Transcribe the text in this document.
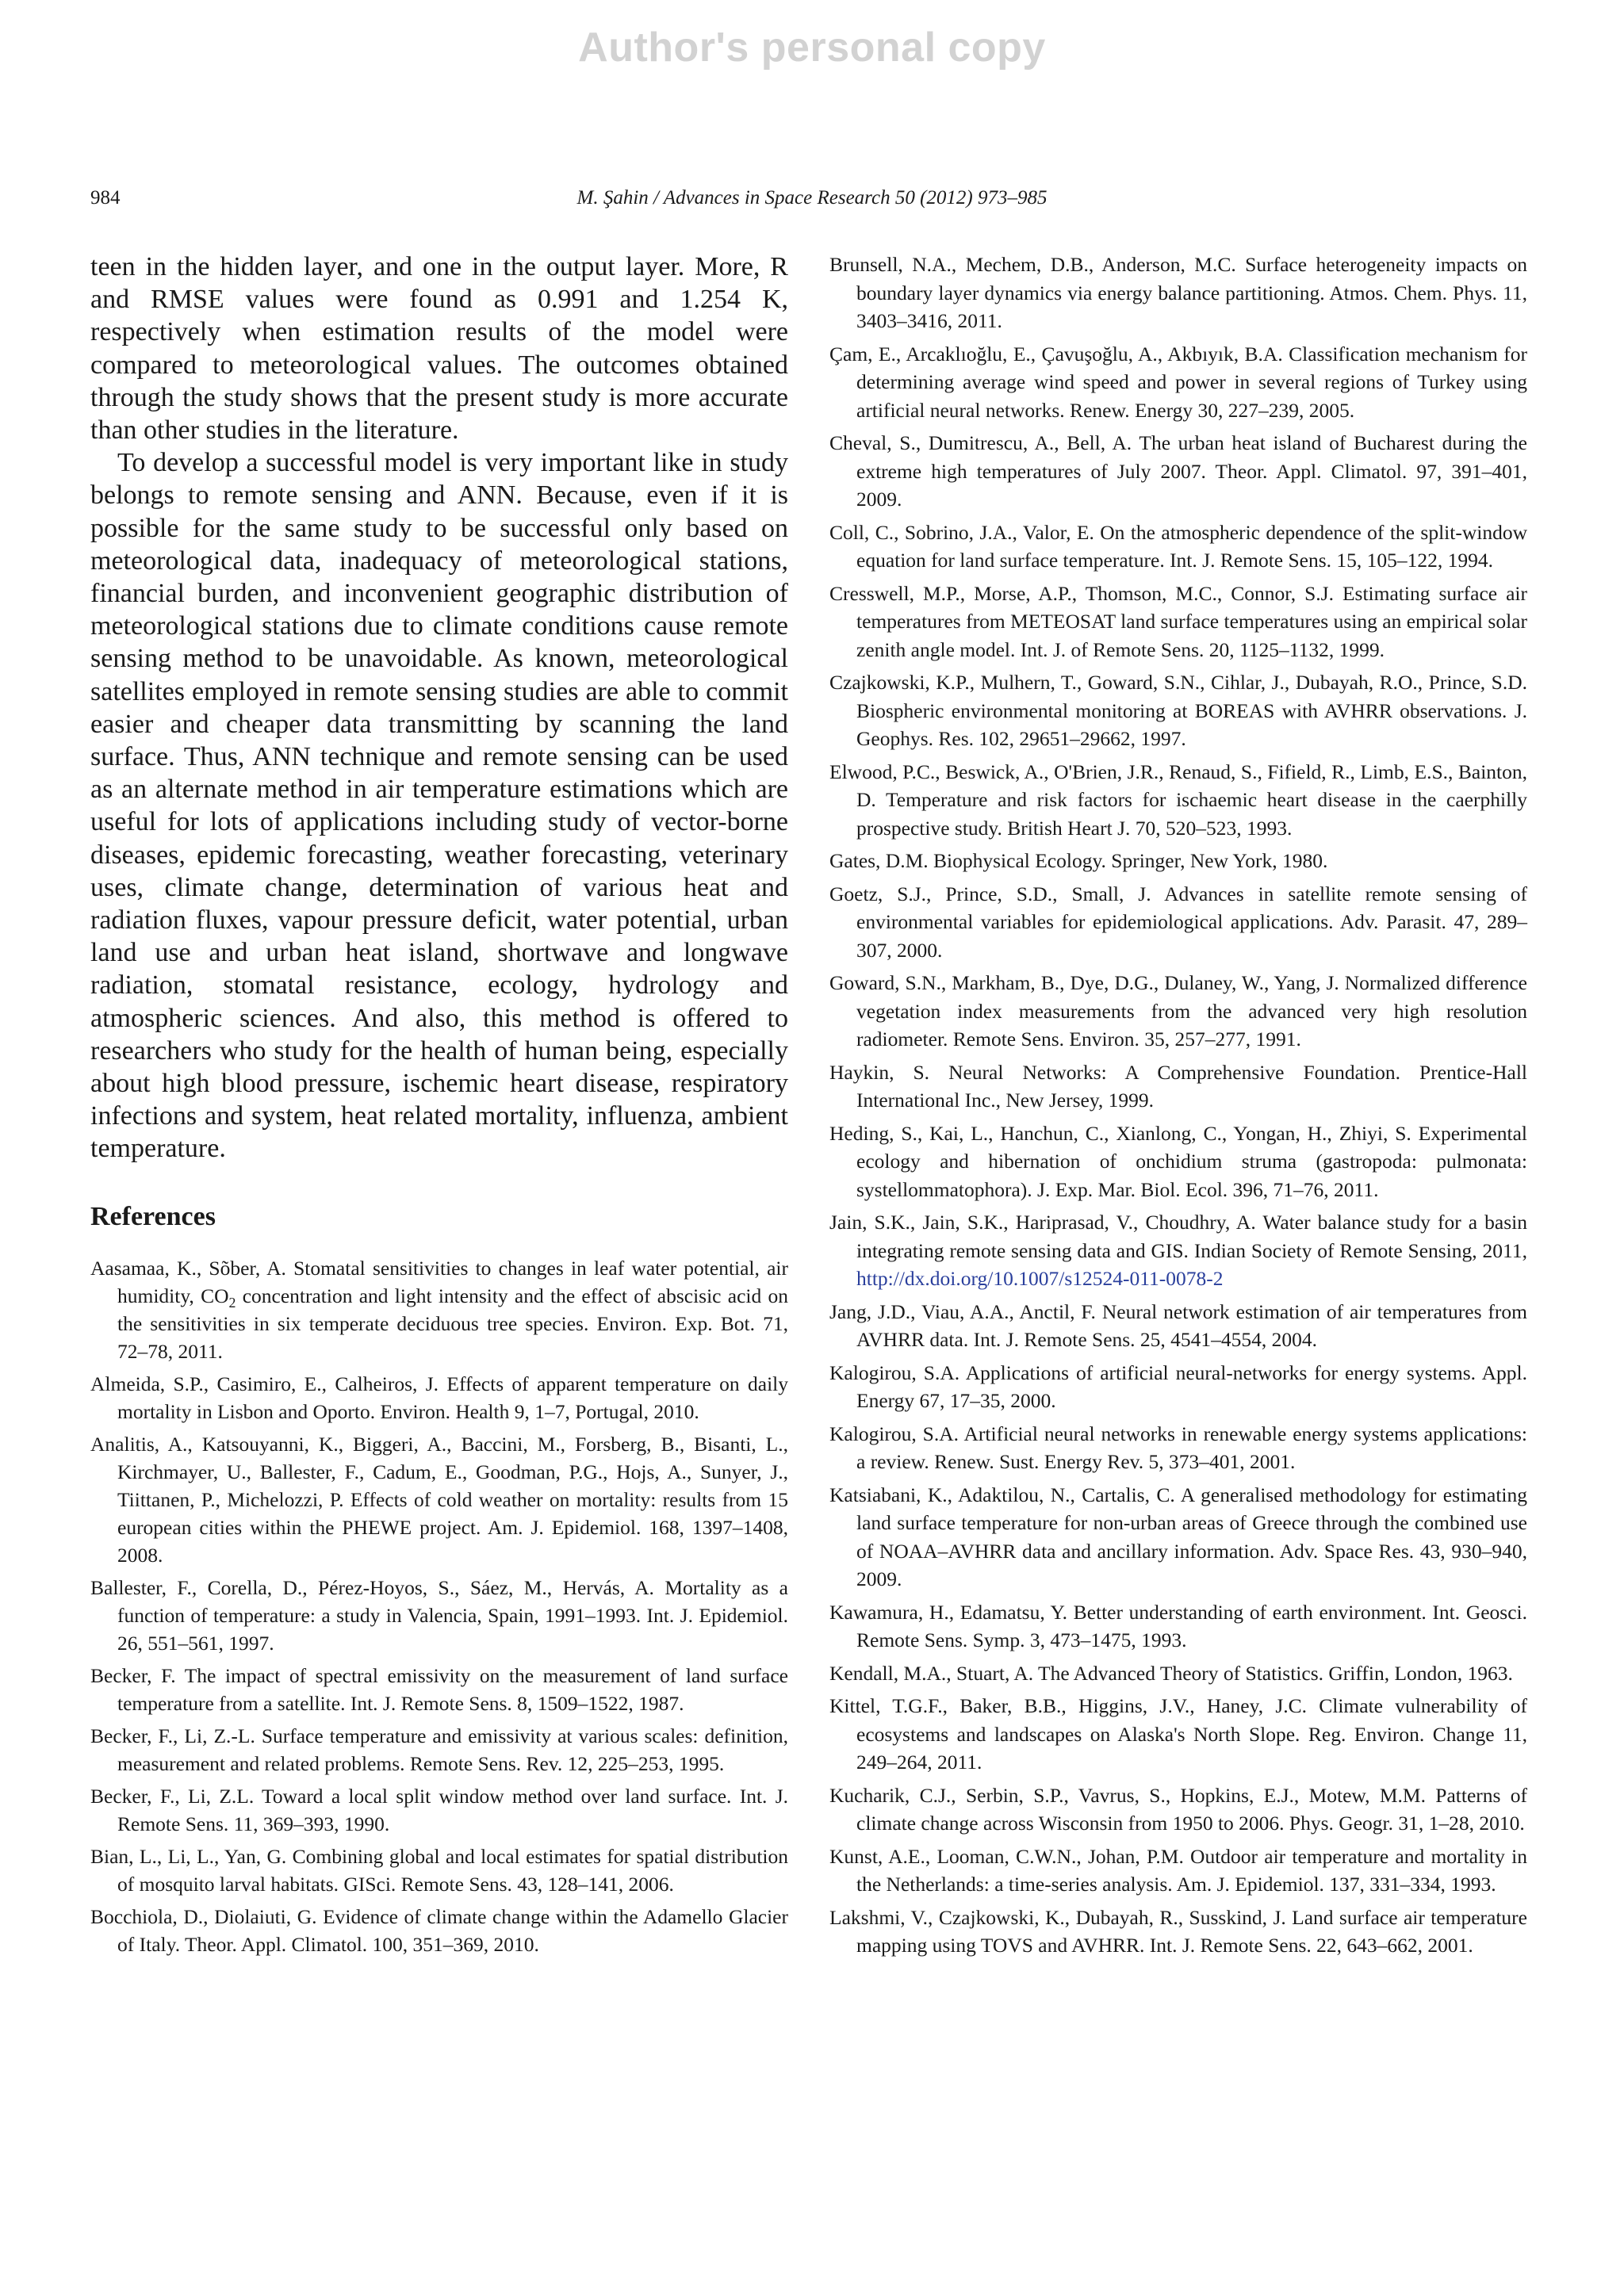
Author's personal copy
984	M. Şahin / Advances in Space Research 50 (2012) 973–985

teen in the hidden layer, and one in the output layer. More, R and RMSE values were found as 0.991 and 1.254 K, respectively when estimation results of the model were compared to meteorological values. The outcomes obtained through the study shows that the present study is more accurate than other studies in the literature.

To develop a successful model is very important like in study belongs to remote sensing and ANN. Because, even if it is possible for the same study to be successful only based on meteorological data, inadequacy of meteorological stations, financial burden, and inconvenient geographic distribution of meteorological stations due to climate conditions cause remote sensing method to be unavoidable. As known, meteorological satellites employed in remote sensing studies are able to commit easier and cheaper data transmitting by scanning the land surface. Thus, ANN technique and remote sensing can be used as an alternate method in air temperature estimations which are useful for lots of applications including study of vector-borne diseases, epidemic forecasting, weather forecasting, veterinary uses, climate change, determination of various heat and radiation fluxes, vapour pressure deficit, water potential, urban land use and urban heat island, shortwave and longwave radiation, stomatal resistance, ecology, hydrology and atmospheric sciences. And also, this method is offered to researchers who study for the health of human being, especially about high blood pressure, ischemic heart disease, respiratory infections and system, heat related mortality, influenza, ambient temperature.

References
Aasamaa, K., Sõber, A. Stomatal sensitivities to changes in leaf water potential, air humidity, $CO_2$ concentration and light intensity and the effect of abscisic acid on the sensitivities in six temperate deciduous tree species. Environ. Exp. Bot. 71, 72–78, 2011.
Almeida, S.P., Casimiro, E., Calheiros, J. Effects of apparent temperature on daily mortality in Lisbon and Oporto. Environ. Health 9, 1–7, Portugal, 2010.
Analitis, A., Katsouyanni, K., Biggeri, A., Baccini, M., Forsberg, B., Bisanti, L., Kirchmayer, U., Ballester, F., Cadum, E., Goodman, P.G., Hojs, A., Sunyer, J., Tiittanen, P., Michelozzi, P. Effects of cold weather on mortality: results from 15 european cities within the PHEWE project. Am. J. Epidemiol. 168, 1397–1408, 2008.
Ballester, F., Corella, D., Pérez-Hoyos, S., Sáez, M., Hervás, A. Mortality as a function of temperature: a study in Valencia, Spain, 1991–1993. Int. J. Epidemiol. 26, 551–561, 1997.
Becker, F. The impact of spectral emissivity on the measurement of land surface temperature from a satellite. Int. J. Remote Sens. 8, 1509–1522, 1987.
Becker, F., Li, Z.-L. Surface temperature and emissivity at various scales: definition, measurement and related problems. Remote Sens. Rev. 12, 225–253, 1995.
Becker, F., Li, Z.L. Toward a local split window method over land surface. Int. J. Remote Sens. 11, 369–393, 1990.
Bian, L., Li, L., Yan, G. Combining global and local estimates for spatial distribution of mosquito larval habitats. GISci. Remote Sens. 43, 128–141, 2006.
Bocchiola, D., Diolaiuti, G. Evidence of climate change within the Adamello Glacier of Italy. Theor. Appl. Climatol. 100, 351–369, 2010.
Brunsell, N.A., Mechem, D.B., Anderson, M.C. Surface heterogeneity impacts on boundary layer dynamics via energy balance partitioning. Atmos. Chem. Phys. 11, 3403–3416, 2011.
Çam, E., Arcaklıoğlu, E., Çavuşoğlu, A., Akbıyık, B.A. Classification mechanism for determining average wind speed and power in several regions of Turkey using artificial neural networks. Renew. Energy 30, 227–239, 2005.
Cheval, S., Dumitrescu, A., Bell, A. The urban heat island of Bucharest during the extreme high temperatures of July 2007. Theor. Appl. Climatol. 97, 391–401, 2009.
Coll, C., Sobrino, J.A., Valor, E. On the atmospheric dependence of the split-window equation for land surface temperature. Int. J. Remote Sens. 15, 105–122, 1994.
Cresswell, M.P., Morse, A.P., Thomson, M.C., Connor, S.J. Estimating surface air temperatures from METEOSAT land surface temperatures using an empirical solar zenith angle model. Int. J. of Remote Sens. 20, 1125–1132, 1999.
Czajkowski, K.P., Mulhern, T., Goward, S.N., Cihlar, J., Dubayah, R.O., Prince, S.D. Biospheric environmental monitoring at BOREAS with AVHRR observations. J. Geophys. Res. 102, 29651–29662, 1997.
Elwood, P.C., Beswick, A., O'Brien, J.R., Renaud, S., Fifield, R., Limb, E.S., Bainton, D. Temperature and risk factors for ischaemic heart disease in the caerphilly prospective study. British Heart J. 70, 520–523, 1993.
Gates, D.M. Biophysical Ecology. Springer, New York, 1980.
Goetz, S.J., Prince, S.D., Small, J. Advances in satellite remote sensing of environmental variables for epidemiological applications. Adv. Parasit. 47, 289–307, 2000.
Goward, S.N., Markham, B., Dye, D.G., Dulaney, W., Yang, J. Normalized difference vegetation index measurements from the advanced very high resolution radiometer. Remote Sens. Environ. 35, 257–277, 1991.
Haykin, S. Neural Networks: A Comprehensive Foundation. Prentice-Hall International Inc., New Jersey, 1999.
Heding, S., Kai, L., Hanchun, C., Xianlong, C., Yongan, H., Zhiyi, S. Experimental ecology and hibernation of onchidium struma (gastropoda: pulmonata: systellommatophora). J. Exp. Mar. Biol. Ecol. 396, 71–76, 2011.
Jain, S.K., Jain, S.K., Hariprasad, V., Choudhry, A. Water balance study for a basin integrating remote sensing data and GIS. Indian Society of Remote Sensing, 2011, http://dx.doi.org/10.1007/s12524-011-0078-2
Jang, J.D., Viau, A.A., Anctil, F. Neural network estimation of air temperatures from AVHRR data. Int. J. Remote Sens. 25, 4541–4554, 2004.
Kalogirou, S.A. Applications of artificial neural-networks for energy systems. Appl. Energy 67, 17–35, 2000.
Kalogirou, S.A. Artificial neural networks in renewable energy systems applications: a review. Renew. Sust. Energy Rev. 5, 373–401, 2001.
Katsiabani, K., Adaktilou, N., Cartalis, C. A generalised methodology for estimating land surface temperature for non-urban areas of Greece through the combined use of NOAA–AVHRR data and ancillary information. Adv. Space Res. 43, 930–940, 2009.
Kawamura, H., Edamatsu, Y. Better understanding of earth environment. Int. Geosci. Remote Sens. Symp. 3, 473–1475, 1993.
Kendall, M.A., Stuart, A. The Advanced Theory of Statistics. Griffin, London, 1963.
Kittel, T.G.F., Baker, B.B., Higgins, J.V., Haney, J.C. Climate vulnerability of ecosystems and landscapes on Alaska's North Slope. Reg. Environ. Change 11, 249–264, 2011.
Kucharik, C.J., Serbin, S.P., Vavrus, S., Hopkins, E.J., Motew, M.M. Patterns of climate change across Wisconsin from 1950 to 2006. Phys. Geogr. 31, 1–28, 2010.
Kunst, A.E., Looman, C.W.N., Johan, P.M. Outdoor air temperature and mortality in the Netherlands: a time-series analysis. Am. J. Epidemiol. 137, 331–334, 1993.
Lakshmi, V., Czajkowski, K., Dubayah, R., Susskind, J. Land surface air temperature mapping using TOVS and AVHRR. Int. J. Remote Sens. 22, 643–662, 2001.
